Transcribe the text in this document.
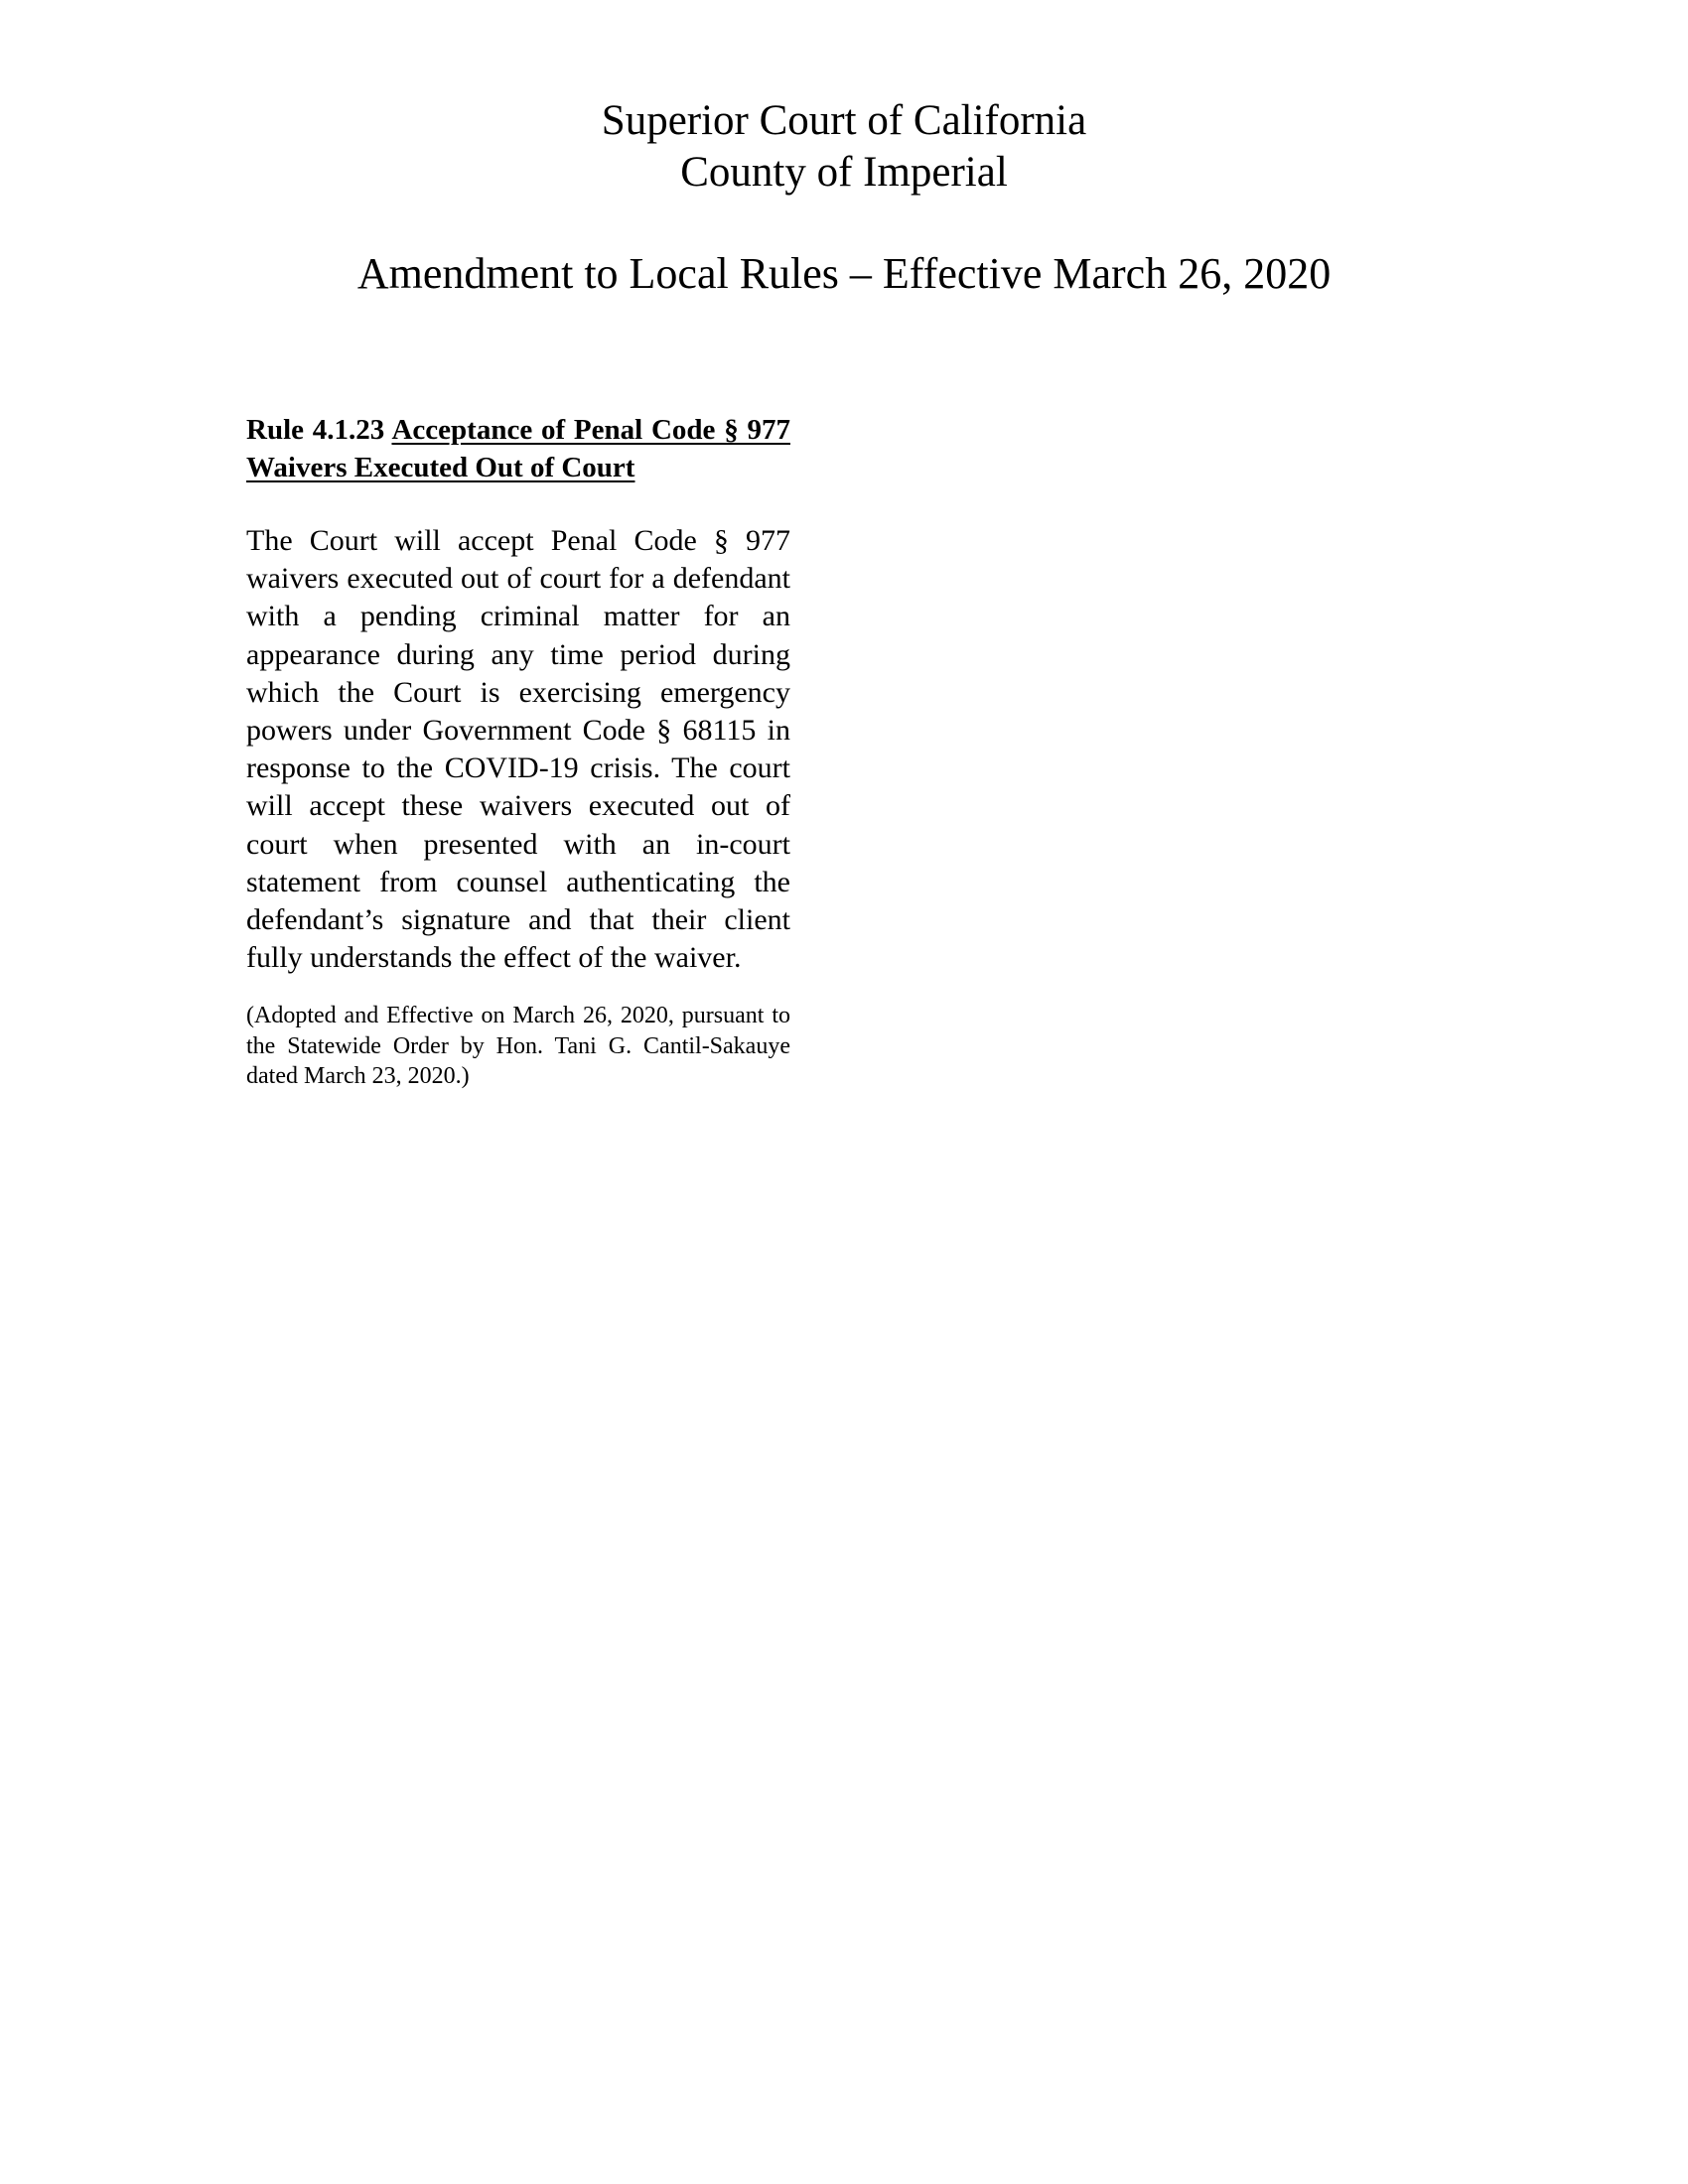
Superior Court of California
County of Imperial
Amendment to Local Rules – Effective March 26, 2020

Rule 4.1.23 Acceptance of Penal Code § 977 Waivers Executed Out of Court

The Court will accept Penal Code § 977 waivers executed out of court for a defendant with a pending criminal matter for an appearance during any time period during which the Court is exercising emergency powers under Government Code § 68115 in response to the COVID-19 crisis. The court will accept these waivers executed out of court when presented with an in-court statement from counsel authenticating the defendant’s signature and that their client fully understands the effect of the waiver.

(Adopted and Effective on March 26, 2020, pursuant to the Statewide Order by Hon. Tani G. Cantil-Sakauye dated March 23, 2020.)
